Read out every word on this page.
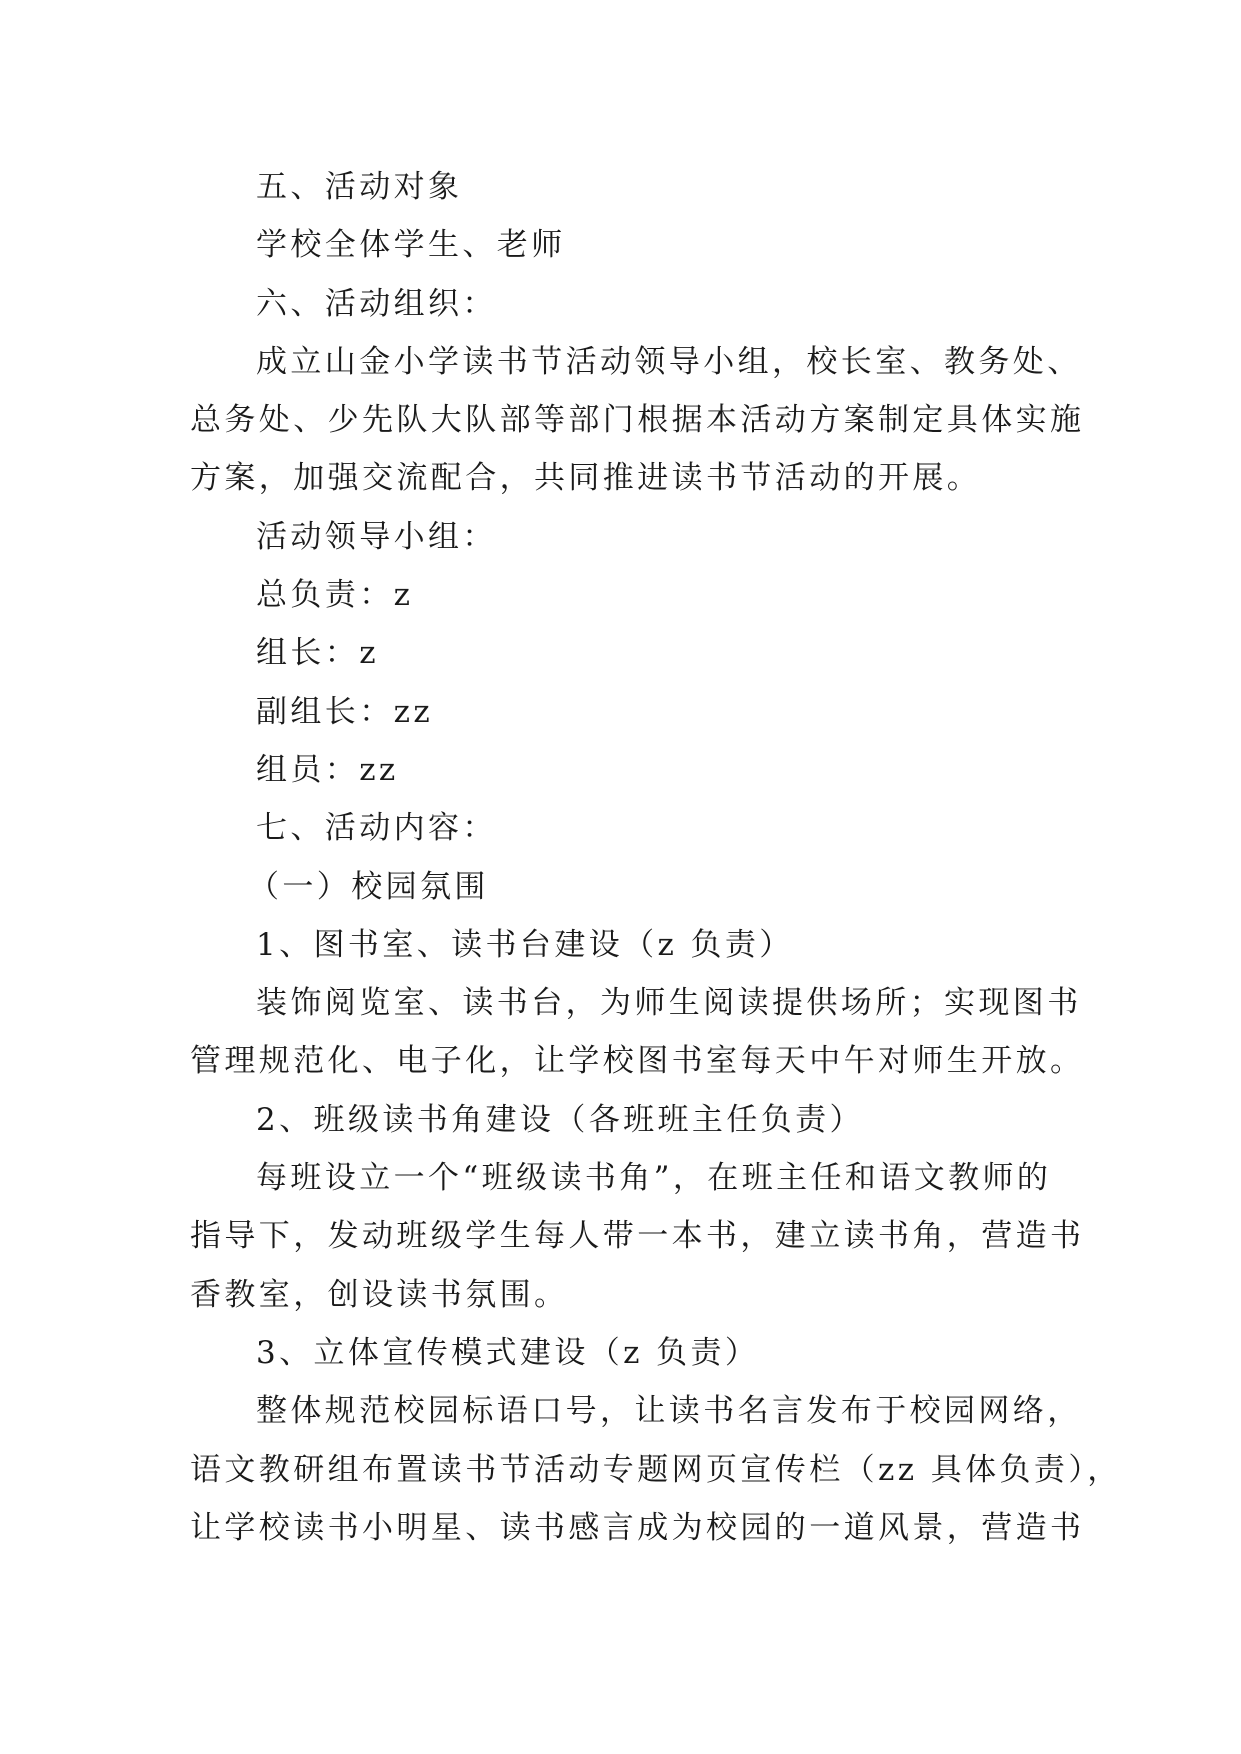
五、活动对象

学校全体学生、老师

六、活动组织：

成立山金小学读书节活动领导小组，校长室、教务处、

总务处、少先队大队部等部门根据本活动方案制定具体实施

方案，加强交流配合，共同推进读书节活动的开展。

活动领导小组：

总负责：z

组长：z

副组长：zz

组员：zz

七、活动内容：

（一）校园氛围

1、图书室、读书台建设（z 负责）

装饰阅览室、读书台，为师生阅读提供场所；实现图书

管理规范化、电子化，让学校图书室每天中午对师生开放。

2、班级读书角建设（各班班主任负责）

每班设立一个“班级读书角”，在班主任和语文教师的

指导下，发动班级学生每人带一本书，建立读书角，营造书

香教室，创设读书氛围。

3、立体宣传模式建设（z 负责）

整体规范校园标语口号，让读书名言发布于校园网络，

语文教研组布置读书节活动专题网页宣传栏（zz 具体负责），

让学校读书小明星、读书感言成为校园的一道风景，营造书
